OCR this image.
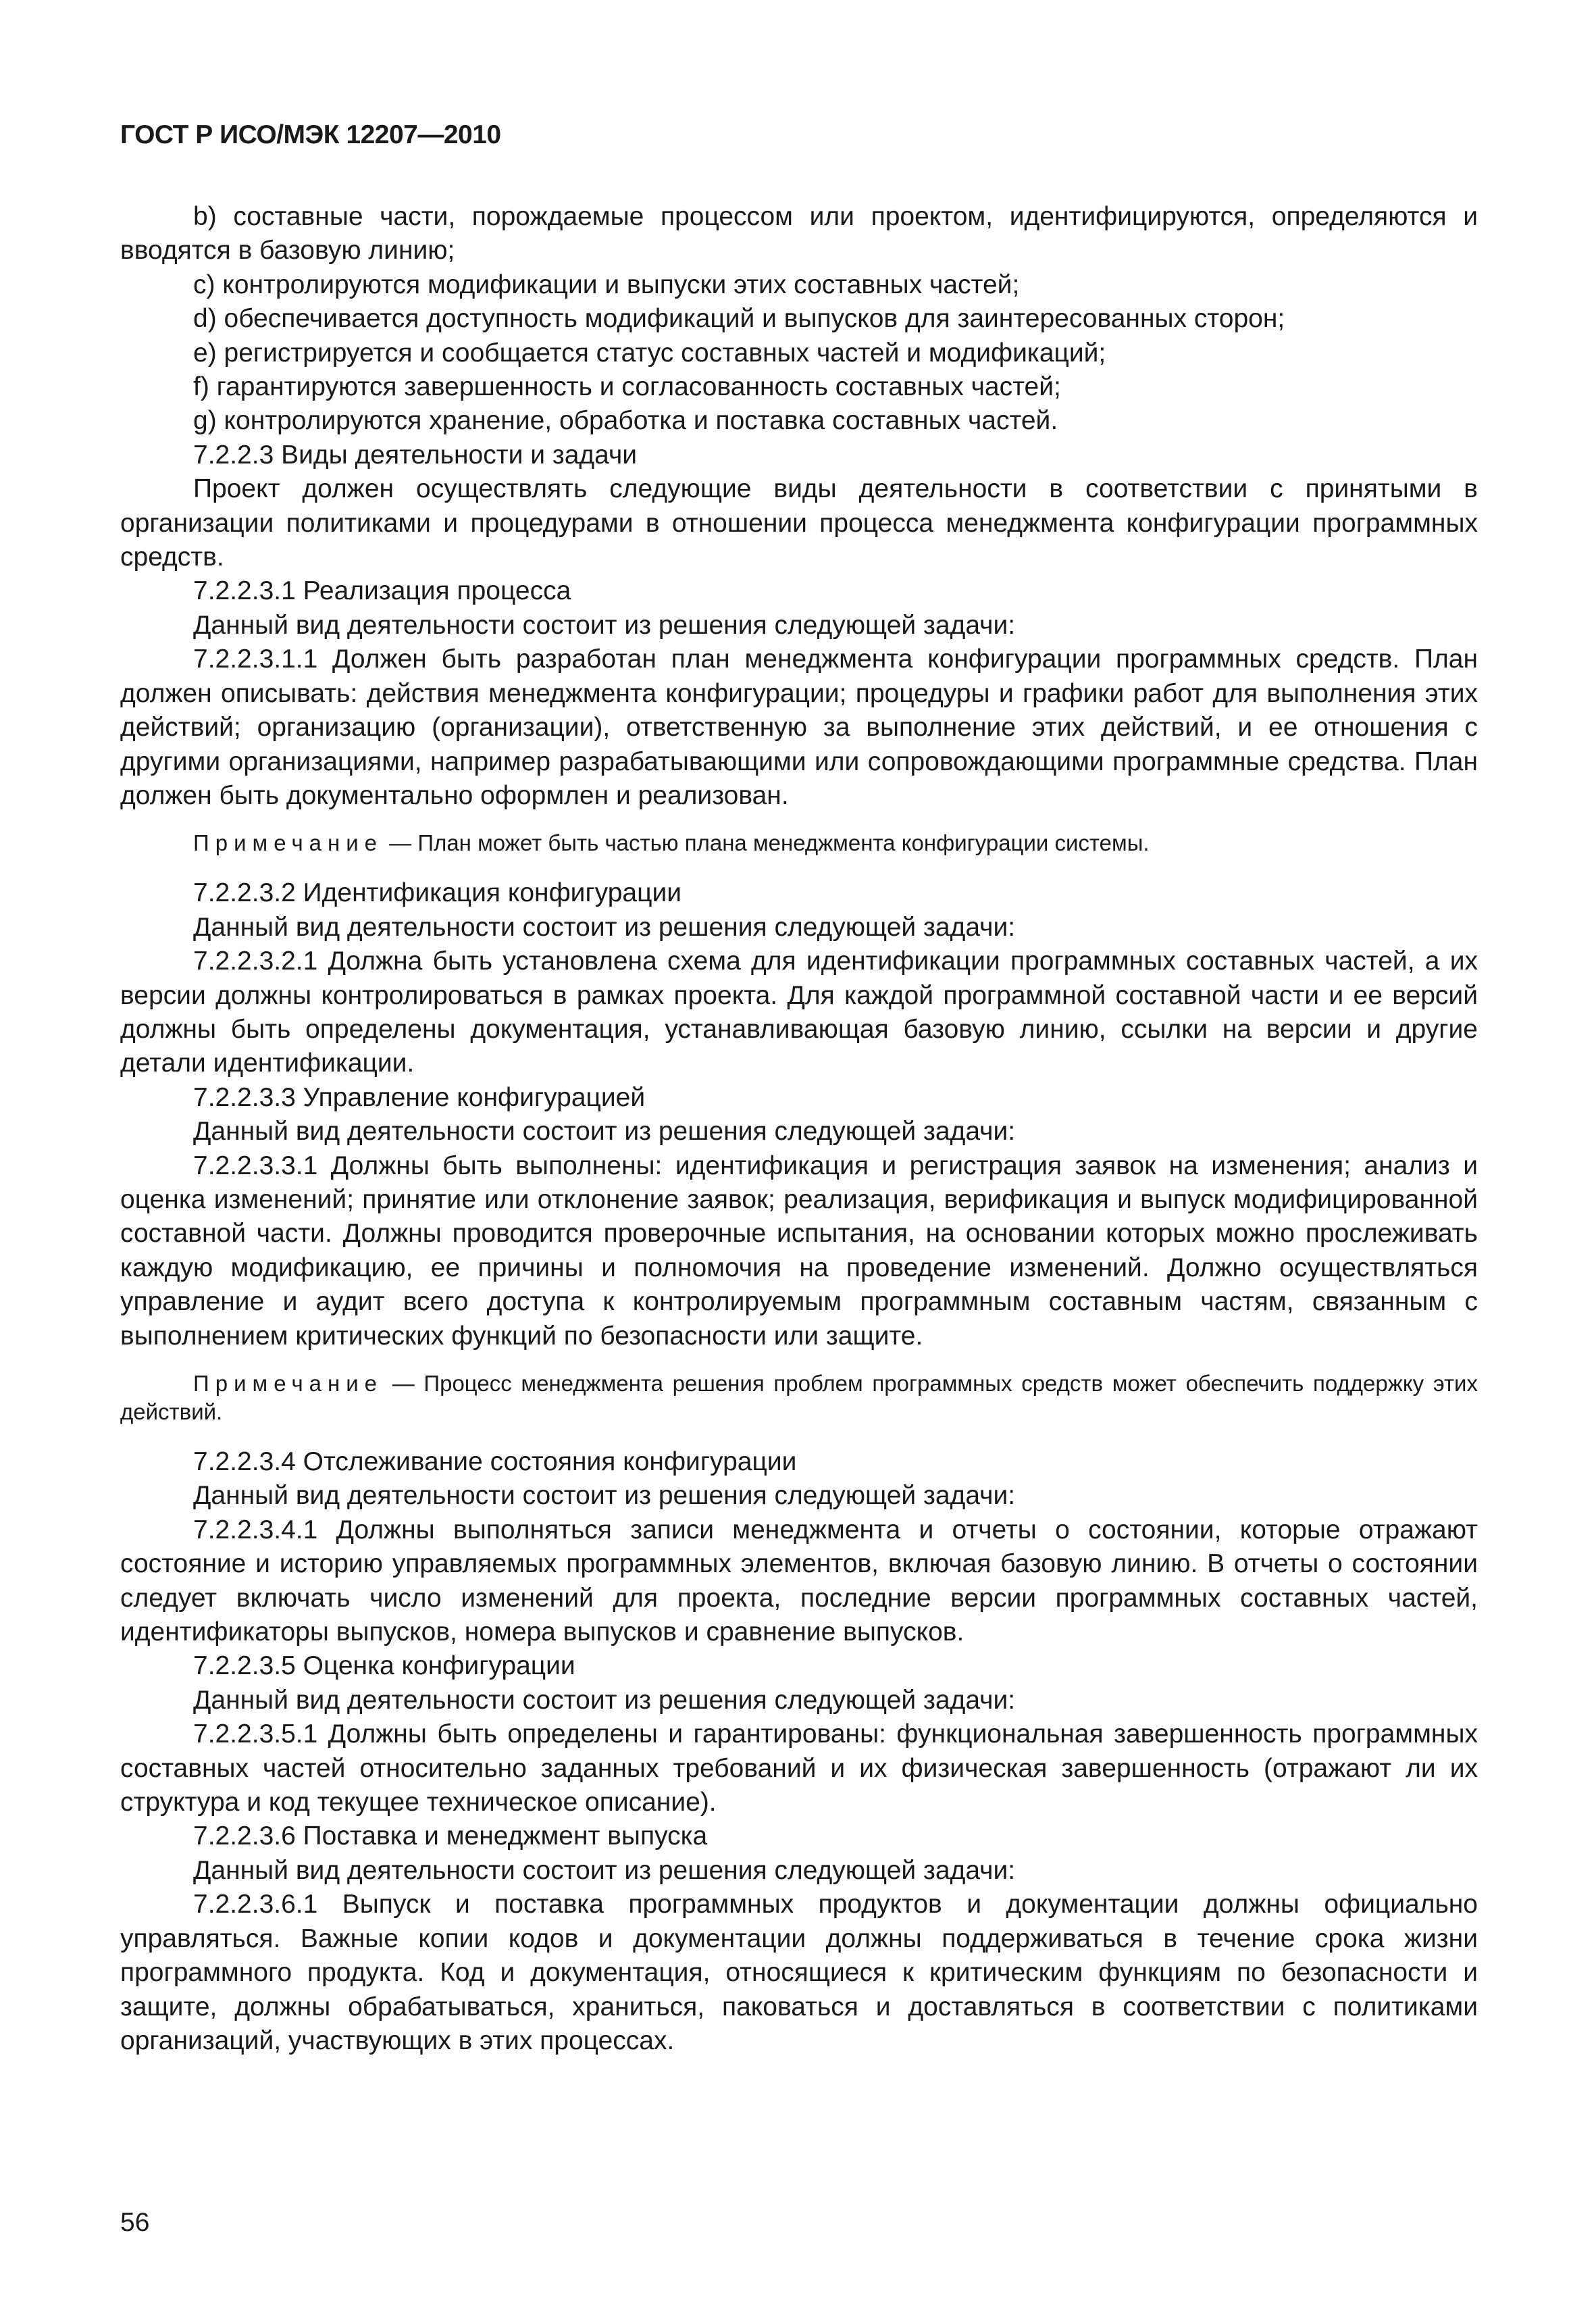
ГОСТ Р ИСО/МЭК 12207—2010

b) составные части, порождаемые процессом или проектом, идентифицируются, определяются и вводятся в базовую линию;

c) контролируются модификации и выпуски этих составных частей;

d) обеспечивается доступность модификаций и выпусков для заинтересованных сторон;

e) регистрируется и сообщается статус составных частей и модификаций;

f) гарантируются завершенность и согласованность составных частей;

g) контролируются хранение, обработка и поставка составных частей.

7.2.2.3 Виды деятельности и задачи

Проект должен осуществлять следующие виды деятельности в соответствии с принятыми в организации политиками и процедурами в отношении процесса менеджмента конфигурации программных средств.

7.2.2.3.1 Реализация процесса

Данный вид деятельности состоит из решения следующей задачи:

7.2.2.3.1.1 Должен быть разработан план менеджмента конфигурации программных средств. План должен описывать: действия менеджмента конфигурации; процедуры и графики работ для выполнения этих действий; организацию (организации), ответственную за выполнение этих действий, и ее отношения с другими организациями, например разрабатывающими или сопровождающими программные средства. План должен быть документально оформлен и реализован.

Примечание — План может быть частью плана менеджмента конфигурации системы.

7.2.2.3.2 Идентификация конфигурации

Данный вид деятельности состоит из решения следующей задачи:

7.2.2.3.2.1 Должна быть установлена схема для идентификации программных составных частей, а их версии должны контролироваться в рамках проекта. Для каждой программной составной части и ее версий должны быть определены документация, устанавливающая базовую линию, ссылки на версии и другие детали идентификации.

7.2.2.3.3 Управление конфигурацией

Данный вид деятельности состоит из решения следующей задачи:

7.2.2.3.3.1 Должны быть выполнены: идентификация и регистрация заявок на изменения; анализ и оценка изменений; принятие или отклонение заявок; реализация, верификация и выпуск модифицированной составной части. Должны проводится проверочные испытания, на основании которых можно прослеживать каждую модификацию, ее причины и полномочия на проведение изменений. Должно осуществляться управление и аудит всего доступа к контролируемым программным составным частям, связанным с выполнением критических функций по безопасности или защите.

Примечание — Процесс менеджмента решения проблем программных средств может обеспечить поддержку этих действий.

7.2.2.3.4 Отслеживание состояния конфигурации

Данный вид деятельности состоит из решения следующей задачи:

7.2.2.3.4.1 Должны выполняться записи менеджмента и отчеты о состоянии, которые отражают состояние и историю управляемых программных элементов, включая базовую линию. В отчеты о состоянии следует включать число изменений для проекта, последние версии программных составных частей, идентификаторы выпусков, номера выпусков и сравнение выпусков.

7.2.2.3.5 Оценка конфигурации

Данный вид деятельности состоит из решения следующей задачи:

7.2.2.3.5.1 Должны быть определены и гарантированы: функциональная завершенность программных составных частей относительно заданных требований и их физическая завершенность (отражают ли их структура и код текущее техническое описание).

7.2.2.3.6 Поставка и менеджмент выпуска

Данный вид деятельности состоит из решения следующей задачи:

7.2.2.3.6.1 Выпуск и поставка программных продуктов и документации должны официально управляться. Важные копии кодов и документации должны поддерживаться в течение срока жизни программного продукта. Код и документация, относящиеся к критическим функциям по безопасности и защите, должны обрабатываться, храниться, паковаться и доставляться в соответствии с политиками организаций, участвующих в этих процессах.

56
